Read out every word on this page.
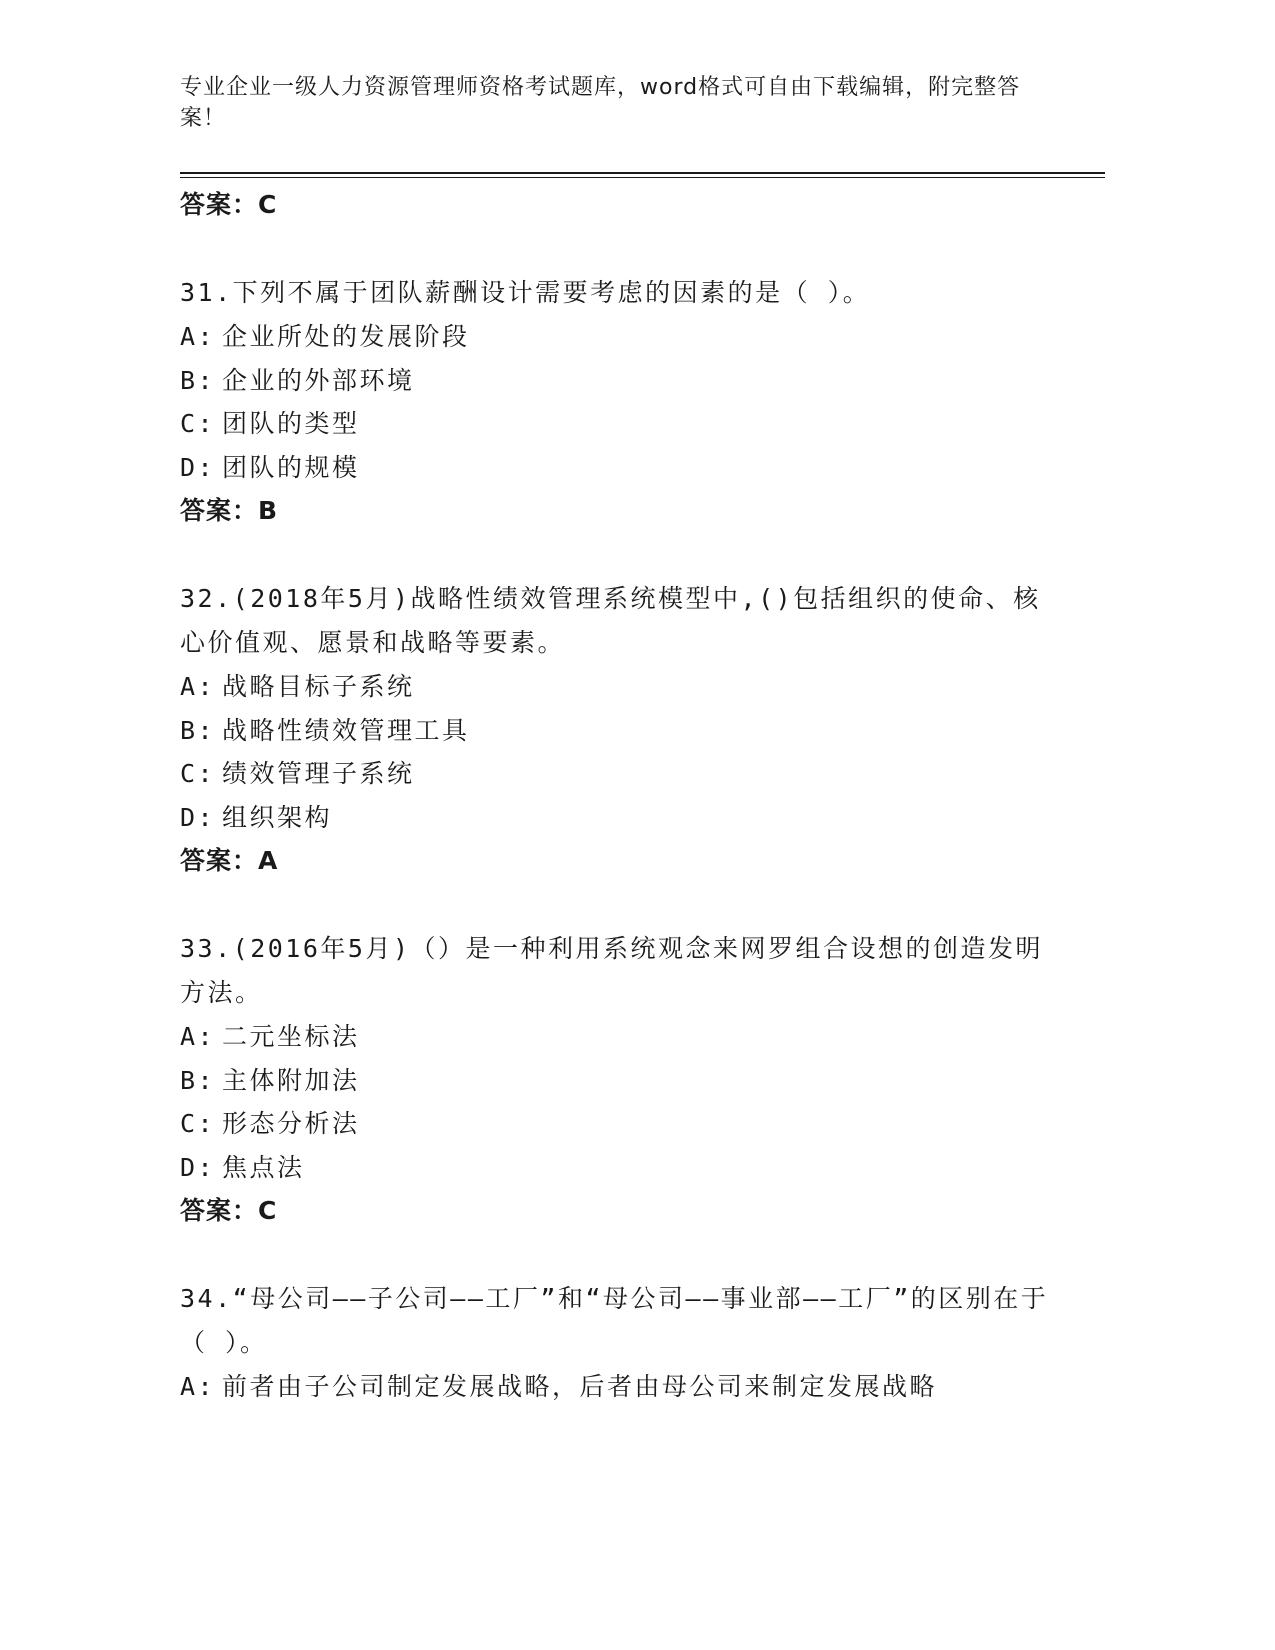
专业企业一级人力资源管理师资格考试题库，word格式可自由下载编辑，附完整答案！

答案：C

31.下列不属于团队薪酬设计需要考虑的因素的是（ ）。

A: 企业所处的发展阶段

B: 企业的外部环境

C: 团队的类型

D: 团队的规模

答案：B

32.(2018年5月)战略性绩效管理系统模型中,()包括组织的使命、核心价值观、愿景和战略等要素。

A: 战略目标子系统

B: 战略性绩效管理工具

C: 绩效管理子系统

D: 组织架构

答案：A

33.(2016年5月)（）是一种利用系统观念来网罗组合设想的创造发明方法。

A: 二元坐标法

B: 主体附加法

C: 形态分析法

D: 焦点法

答案：C

34.“母公司——子公司——工厂”和“母公司——事业部——工厂”的区别在于（ ）。

A: 前者由子公司制定发展战略，后者由母公司来制定发展战略
